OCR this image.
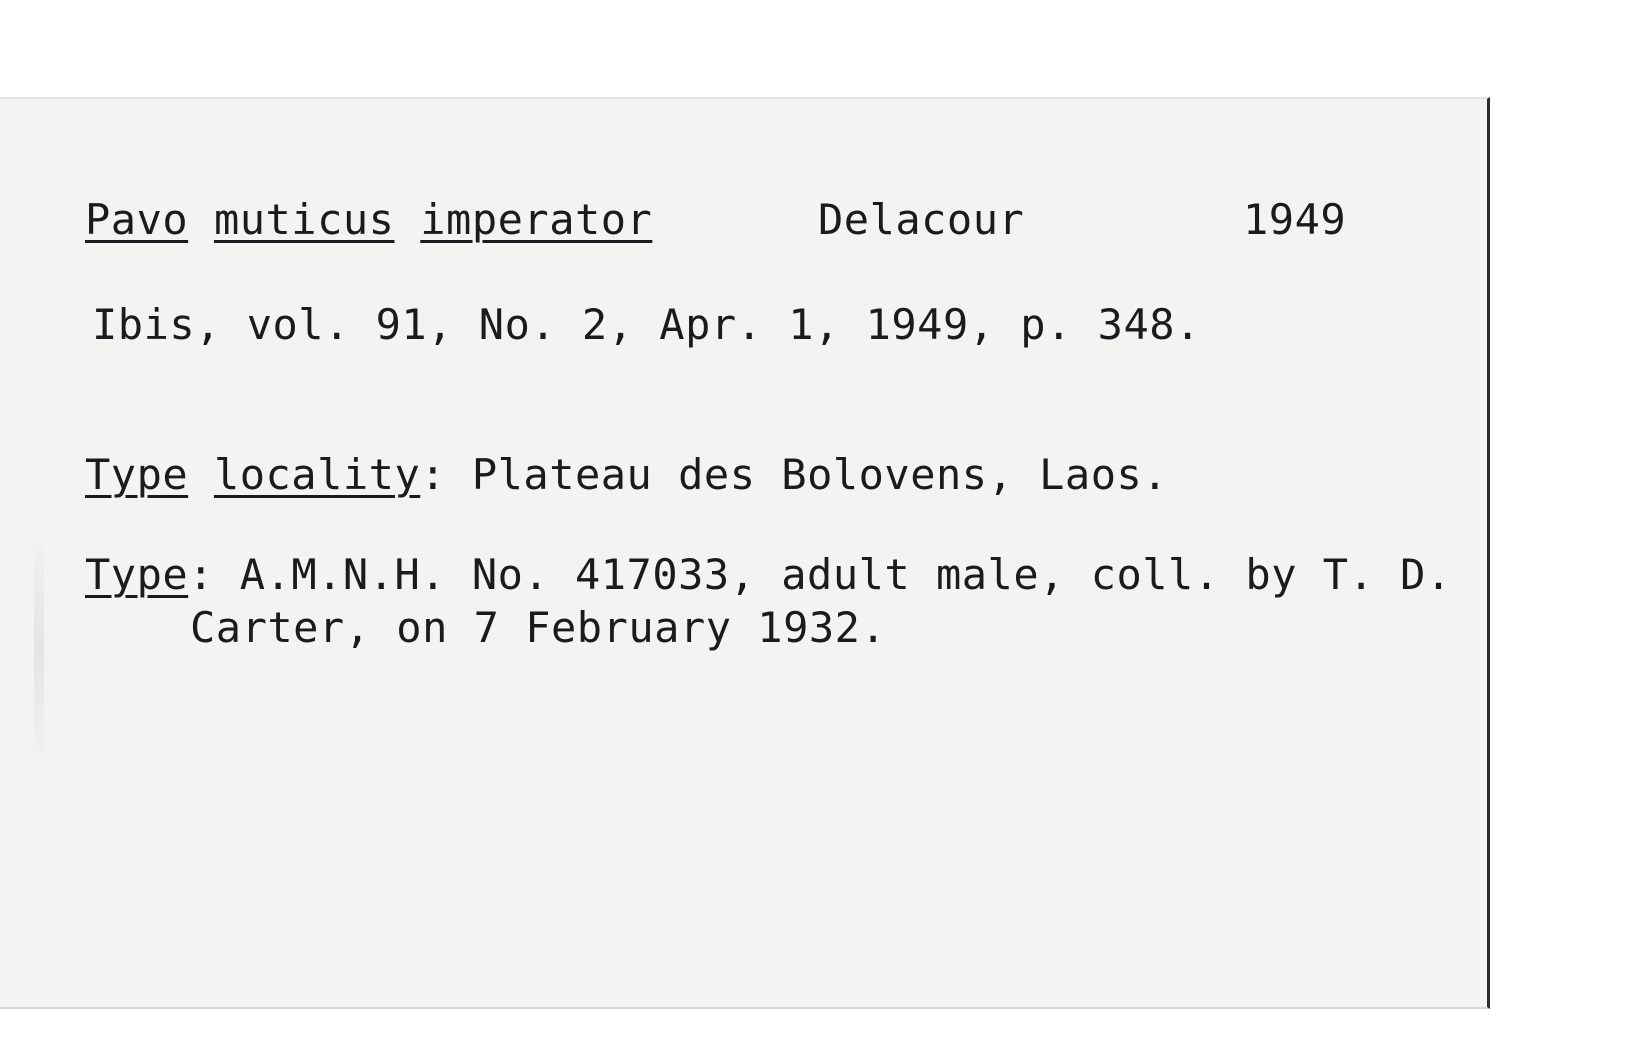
Pavo muticus imperator	Delacour	1949
Ibis, vol. 91, No. 2, Apr. 1, 1949, p. 348.
Type locality: Plateau des Bolovens, Laos.
Type: A.M.N.H. No. 417033, adult male, coll. by T. D.
Carter, on 7 February 1932.
